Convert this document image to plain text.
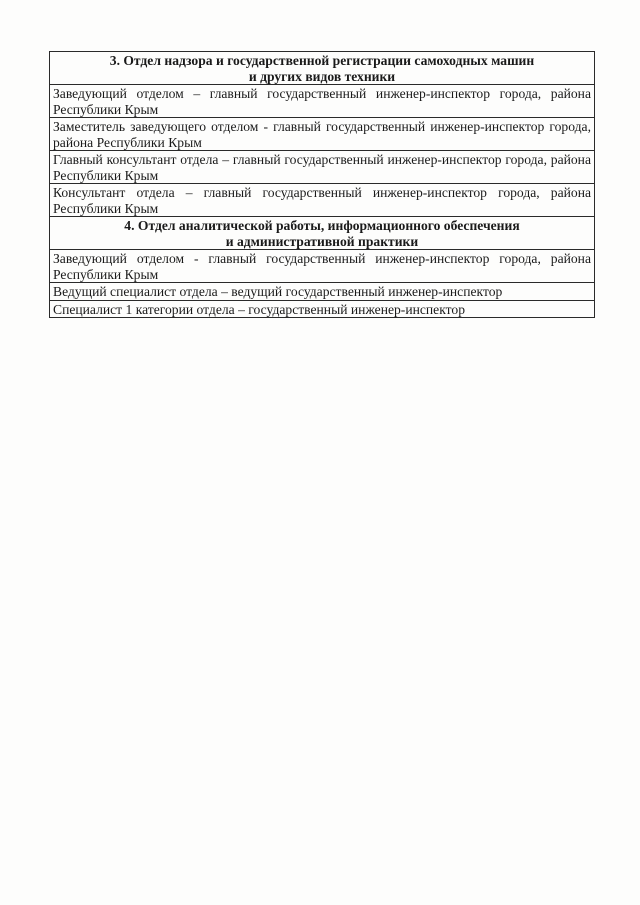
3. Отдел надзора и государственной регистрации самоходных машин
и других видов техники

Заведующий отделом – главный государственный инженер-инспектор города, района Республики Крым
Заместитель заведующего отделом - главный государственный инженер-инспектор города, района Республики Крым
Главный консультант отдела – главный государственный инженер-инспектор города, района Республики Крым
Консультант отдела – главный государственный инженер-инспектор города, района Республики Крым

4. Отдел аналитической работы, информационного обеспечения
и административной практики

Заведующий отделом - главный государственный инженер-инспектор города, района Республики Крым
Ведущий специалист отдела – ведущий государственный инженер-инспектор
Специалист 1 категории отдела – государственный инженер-инспектор
